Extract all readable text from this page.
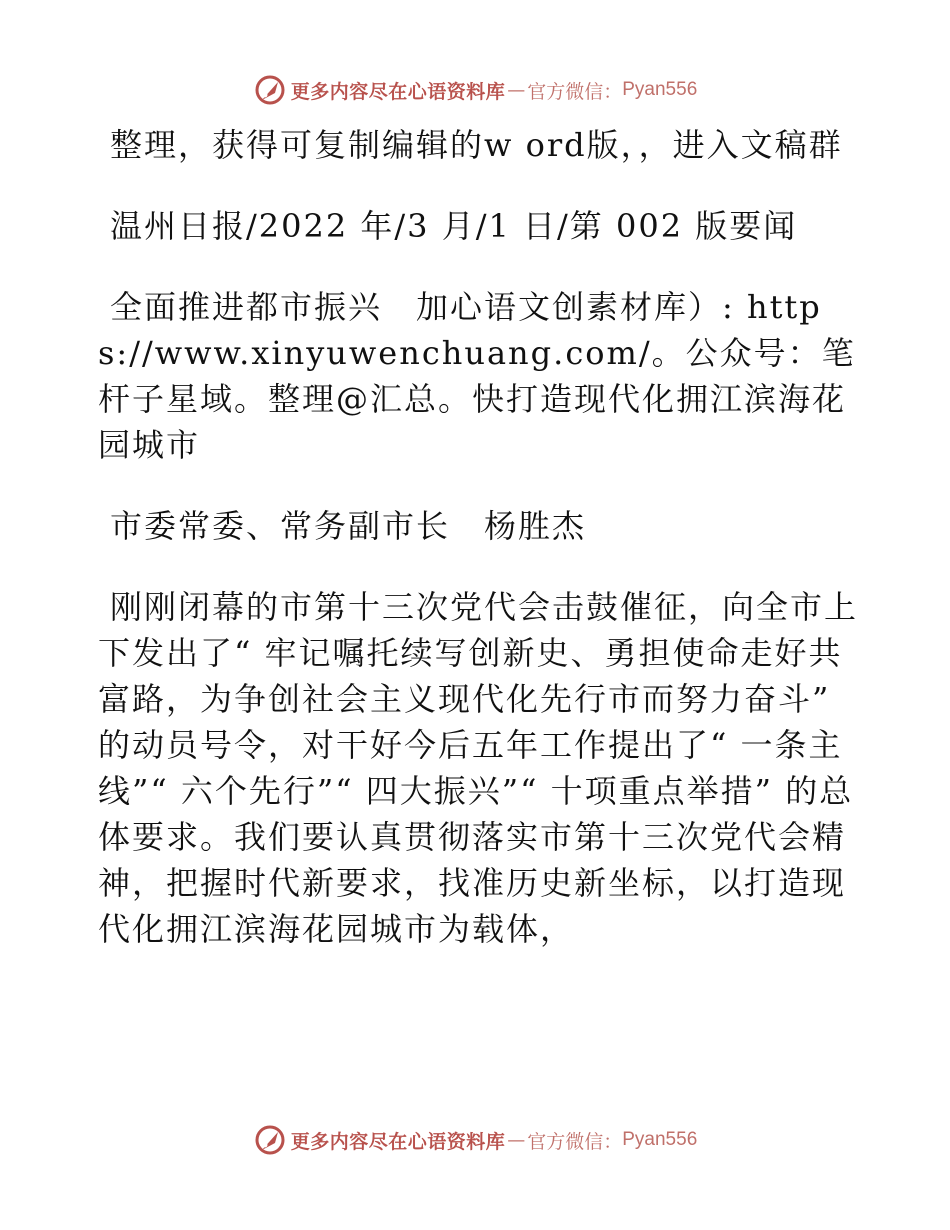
更多内容尽在心语资料库 — 官方微信： Pyan556

整理，获得可复制编辑的w ord版，，进入文稿群

温州日报/2022 年/3 月/1 日/第 002 版要闻

全面推进都市振兴　加心语文创素材库）: https://www.xinyuwenchuang.com/。公众号：笔杆子星域。整理@汇总。快打造现代化拥江滨海花园城市

市委常委、常务副市长　杨胜杰

刚刚闭幕的市第十三次党代会击鼓催征，向全市上下发出了“ 牢记嘱托续写创新史、勇担使命走好共富路，为争创社会主义现代化先行市而努力奋斗” 的动员号令，对干好今后五年工作提出了“ 一条主线”“ 六个先行”“ 四大振兴”“ 十项重点举措” 的总体要求。我们要认真贯彻落实市第十三次党代会精神，把握时代新要求，找准历史新坐标，以打造现代化拥江滨海花园城市为载体，

更多内容尽在心语资料库 — 官方微信： Pyan556
